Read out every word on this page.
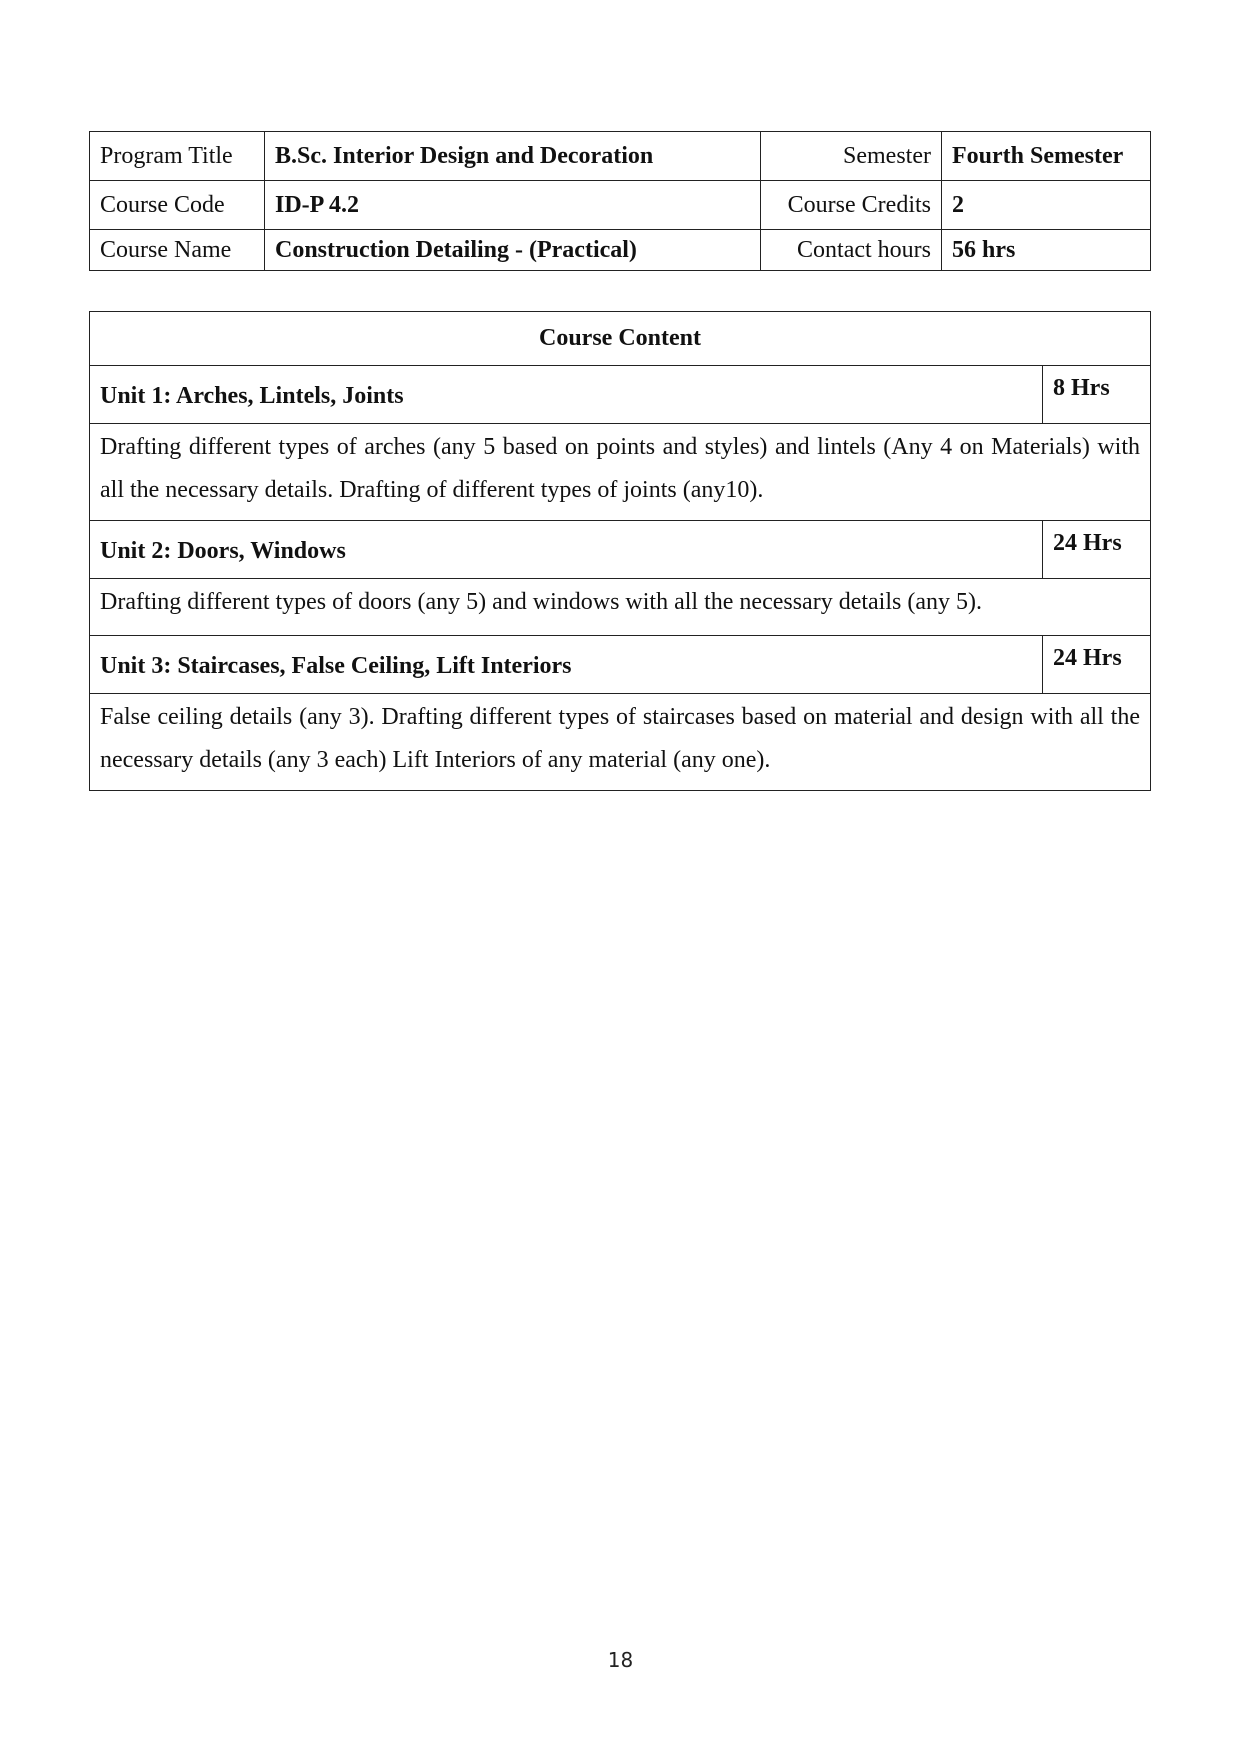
Program Title	B.Sc. Interior Design and Decoration	Semester	Fourth Semester
Course Code	ID-P 4.2	Course Credits	2
Course Name	Construction Detailing - (Practical)	Contact hours	56 hrs
Course Content	
Unit 1: Arches, Lintels, Joints	8 Hrs
Drafting different types of arches (any 5 based on points and styles) and lintels (Any 4 on Materials) with all the necessary details. Drafting of different types of joints (any10).	
Unit 2: Doors, Windows	24 Hrs
Drafting different types of doors (any 5) and windows with all the necessary details (any 5).	
Unit 3: Staircases, False Ceiling, Lift Interiors	24 Hrs
False ceiling details (any 3). Drafting different types of staircases based on material and design with all the necessary details (any 3 each) Lift Interiors of any material (any one).	
18
